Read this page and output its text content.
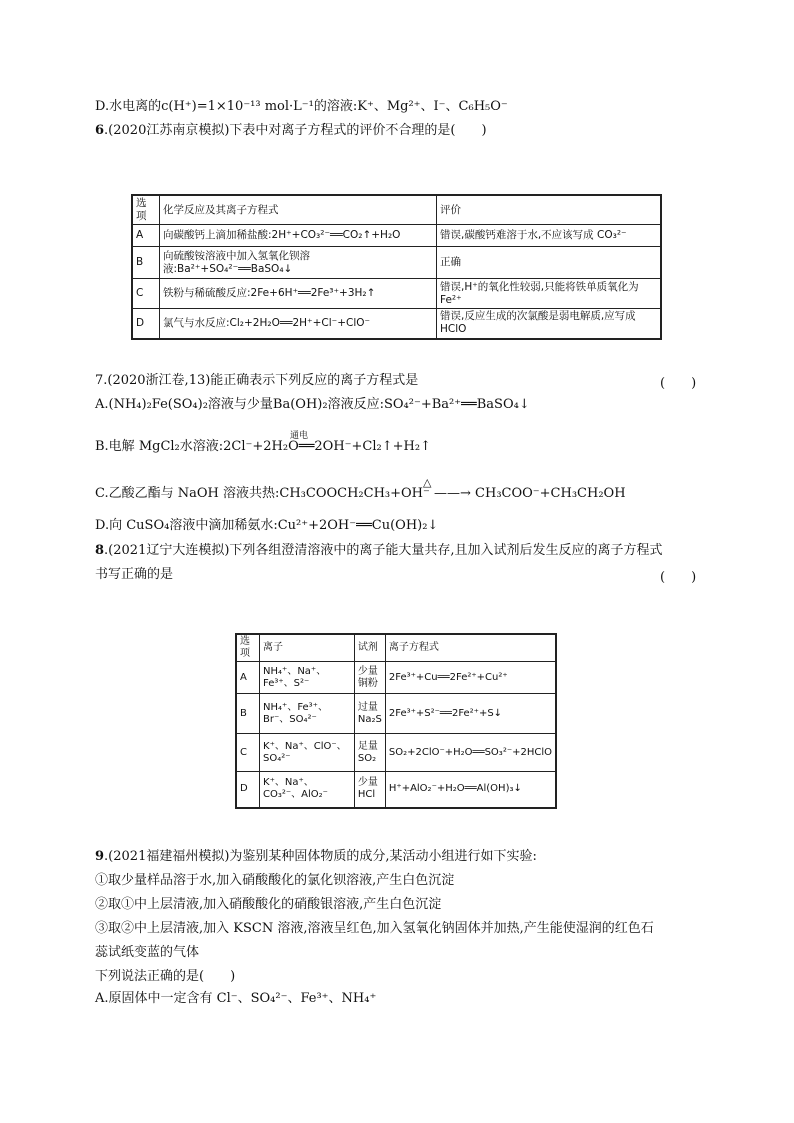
D.水电离的c(H⁺)=1×10⁻¹³ mol·L⁻¹的溶液:K⁺、Mg²⁺、I⁻、C₆H₅O⁻
6.(2020江苏南京模拟)下表中对离子方程式的评价不合理的是(　　)
选项	化学反应及其离子方程式	评价
A	向碳酸钙上滴加稀盐酸:2H⁺+CO₃²⁻══CO₂↑+H₂O	错误,碳酸钙难溶于水,不应该写成 CO₃²⁻
B	向硫酸铵溶液中加入氢氧化钡溶液:Ba²⁺+SO₄²⁻══BaSO₄↓	正确
C	铁粉与稀硫酸反应:2Fe+6H⁺══2Fe³⁺+3H₂↑	错误,H⁺的氧化性较弱,只能将铁单质氧化为Fe²⁺
D	氯气与水反应:Cl₂+2H₂O══2H⁺+Cl⁻+ClO⁻	错误,反应生成的次氯酸是弱电解质,应写成HClO
7.(2020浙江卷,13)能正确表示下列反应的离子方程式是	(　　)
A.(NH₄)₂Fe(SO₄)₂溶液与少量Ba(OH)₂溶液反应:SO₄²⁻+Ba²⁺══BaSO₄↓
通电
B.电解 MgCl₂水溶液:2Cl⁻+2H₂O══2OH⁻+Cl₂↑+H₂↑
△
C.乙酸乙酯与 NaOH 溶液共热:CH₃COOCH₂CH₃+OH⁻ ——→ CH₃COO⁻+CH₃CH₂OH
D.向 CuSO₄溶液中滴加稀氨水:Cu²⁺+2OH⁻══Cu(OH)₂↓
8.(2021辽宁大连模拟)下列各组澄清溶液中的离子能大量共存,且加入试剂后发生反应的离子方程式
书写正确的是	(　　)
选项	离子	试剂	离子方程式
A	NH₄⁺、Na⁺、Fe³⁺、S²⁻	少量铜粉	2Fe³⁺+Cu══2Fe²⁺+Cu²⁺
B	NH₄⁺、Fe³⁺、Br⁻、SO₄²⁻	过量Na₂S	2Fe³⁺+S²⁻══2Fe²⁺+S↓
C	K⁺、Na⁺、ClO⁻、SO₄²⁻	足量SO₂	SO₂+2ClO⁻+H₂O══SO₃²⁻+2HClO
D	K⁺、Na⁺、CO₃²⁻、AlO₂⁻	少量HCl	H⁺+AlO₂⁻+H₂O══Al(OH)₃↓
9.(2021福建福州模拟)为鉴别某种固体物质的成分,某活动小组进行如下实验:
①取少量样品溶于水,加入硝酸酸化的氯化钡溶液,产生白色沉淀
②取①中上层清液,加入硝酸酸化的硝酸银溶液,产生白色沉淀
③取②中上层清液,加入 KSCN 溶液,溶液呈红色,加入氢氧化钠固体并加热,产生能使湿润的红色石
蕊试纸变蓝的气体
下列说法正确的是(　　)
A.原固体中一定含有 Cl⁻、SO₄²⁻、Fe³⁺、NH₄⁺
